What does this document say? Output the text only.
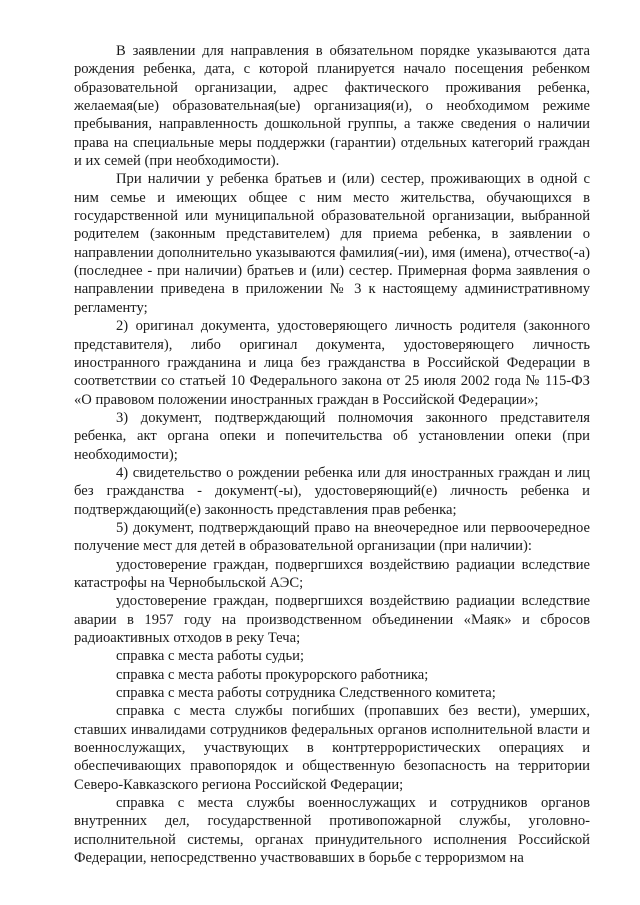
В заявлении для направления в обязательном порядке указываются дата рождения ребенка, дата, с которой планируется начало посещения ребенком образовательной организации, адрес фактического проживания ребенка, желаемая(ые) образовательная(ые) организация(и), о необходимом режиме пребывания, направленность дошкольной группы, а также сведения о наличии права на специальные меры поддержки (гарантии) отдельных категорий граждан и их семей (при необходимости).

При наличии у ребенка братьев и (или) сестер, проживающих в одной с ним семье и имеющих общее с ним место жительства, обучающихся в государственной или муниципальной образовательной организации, выбранной родителем (законным представителем) для приема ребенка, в заявлении о направлении дополнительно указываются фамилия(-ии), имя (имена), отчество(-а) (последнее - при наличии) братьев и (или) сестер. Примерная форма заявления о направлении приведена в приложении № 3 к настоящему административному регламенту;

2) оригинал документа, удостоверяющего личность родителя (законного представителя), либо оригинал документа, удостоверяющего личность иностранного гражданина и лица без гражданства в Российской Федерации в соответствии со статьей 10 Федерального закона от 25 июля 2002 года № 115-ФЗ «О правовом положении иностранных граждан в Российской Федерации»;

3) документ, подтверждающий полномочия законного представителя ребенка, акт органа опеки и попечительства об установлении опеки (при необходимости);

4) свидетельство о рождении ребенка или для иностранных граждан и лиц без гражданства - документ(-ы), удостоверяющий(е) личность ребенка и подтверждающий(е) законность представления прав ребенка;

5) документ, подтверждающий право на внеочередное или первоочередное получение мест для детей в образовательной организации (при наличии):

удостоверение граждан, подвергшихся воздействию радиации вследствие катастрофы на Чернобыльской АЭС;

удостоверение граждан, подвергшихся воздействию радиации вследствие аварии в 1957 году на производственном объединении «Маяк» и сбросов радиоактивных отходов в реку Теча;

справка с места работы судьи;

справка с места работы прокурорского работника;

справка с места работы сотрудника Следственного комитета;

справка с места службы погибших (пропавших без вести), умерших, ставших инвалидами сотрудников федеральных органов исполнительной власти и военнослужащих, участвующих в контртеррористических операциях и обеспечивающих правопорядок и общественную безопасность на территории Северо-Кавказского региона Российской Федерации;

справка с места службы военнослужащих и сотрудников органов внутренних дел, государственной противопожарной службы, уголовно-исполнительной системы, органах принудительного исполнения Российской Федерации, непосредственно участвовавших в борьбе с терроризмом на
